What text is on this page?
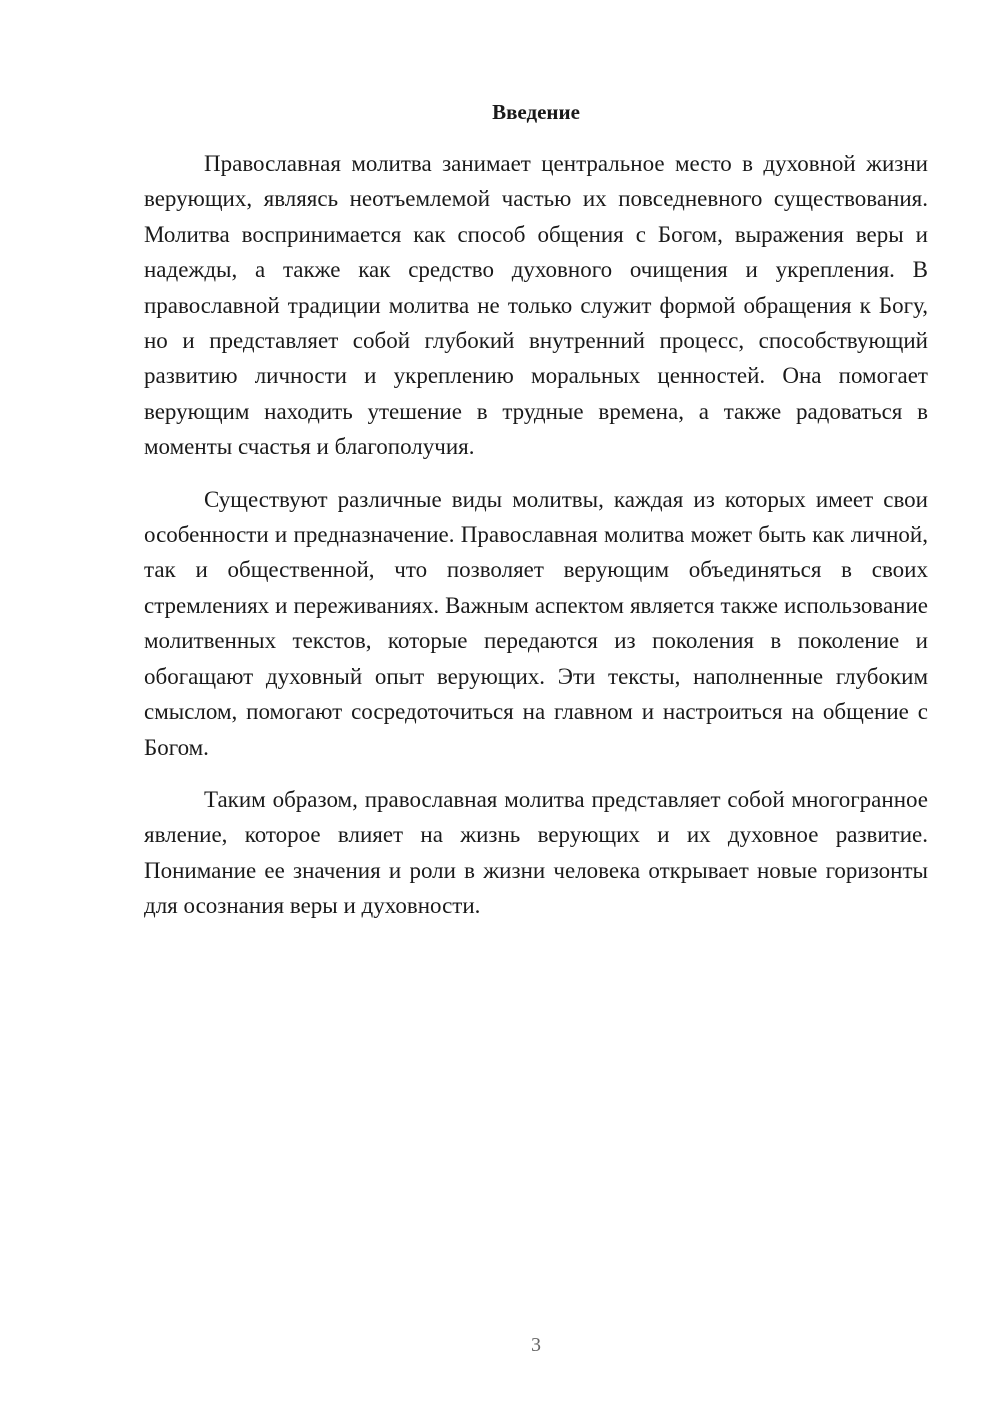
Введение

Православная молитва занимает центральное место в духовной жизни верующих, являясь неотъемлемой частью их повседневного существования. Молитва воспринимается как способ общения с Богом, выражения веры и надежды, а также как средство духовного очищения и укрепления. В православной традиции молитва не только служит формой обращения к Богу, но и представляет собой глубокий внутренний процесс, способствующий развитию личности и укреплению моральных ценностей. Она помогает верующим находить утешение в трудные времена, а также радоваться в моменты счастья и благополучия.

Существуют различные виды молитвы, каждая из которых имеет свои особенности и предназначение. Православная молитва может быть как личной, так и общественной, что позволяет верующим объединяться в своих стремлениях и переживаниях. Важным аспектом является также использование молитвенных текстов, которые передаются из поколения в поколение и обогащают духовный опыт верующих. Эти тексты, наполненные глубоким смыслом, помогают сосредоточиться на главном и настроиться на общение с Богом.

Таким образом, православная молитва представляет собой многогранное явление, которое влияет на жизнь верующих и их духовное развитие. Понимание ее значения и роли в жизни человека открывает новые горизонты для осознания веры и духовности.

3
